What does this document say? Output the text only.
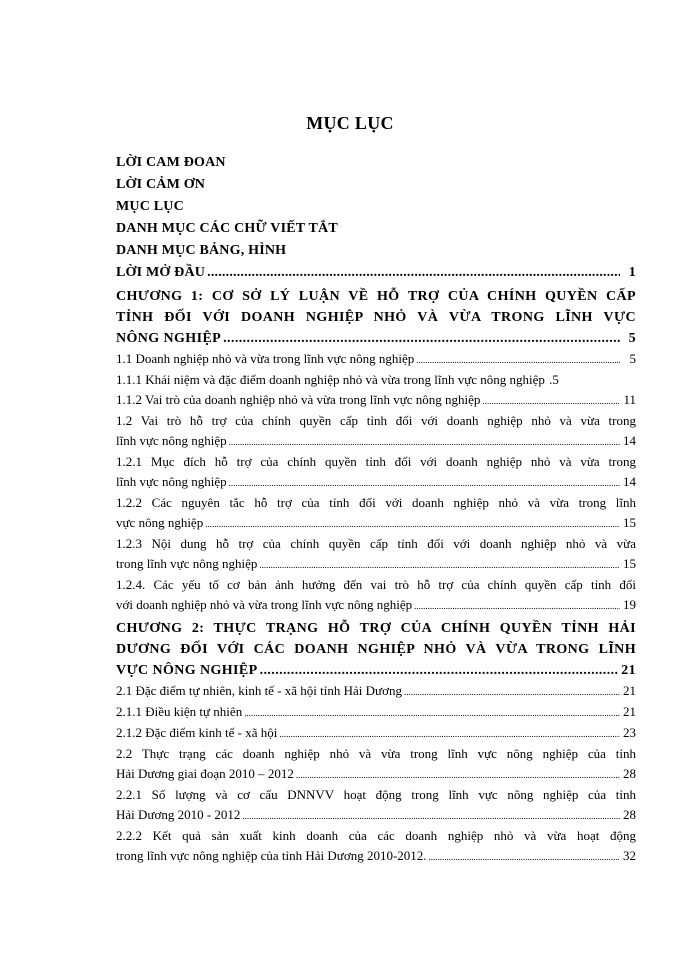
MỤC LỤC
LỜI CAM ĐOAN
LỜI CẢM ƠN
MỤC LỤC
DANH MỤC CÁC CHỮ VIẾT TẮT
DANH MỤC BẢNG, HÌNH
LỜI MỞ ĐẦU .....	1
CHƯƠNG 1: CƠ SỞ LÝ LUẬN VỀ HỖ TRỢ CỦA CHÍNH QUYỀN CẤP
TỈNH ĐỐI VỚI DOANH NGHIỆP NHỎ VÀ VỪA TRONG LĨNH VỰC
NÔNG NGHIỆP .....	5
1.1 Doanh nghiệp nhỏ và vừa trong lĩnh vực nông nghiệp .....	5
1.1.1 Khái niệm và đặc điểm doanh nghiệp nhỏ và vừa trong lĩnh vực nông nghiệp .5
1.1.2 Vai trò của doanh nghiệp nhỏ và vừa trong lĩnh vực nông nghiệp .....	11
1.2 Vai trò hỗ trợ của chính quyền cấp tỉnh đối với doanh nghiệp nhỏ và vừa trong
lĩnh vực nông nghiệp .....	14
1.2.1 Mục đích hỗ trợ của chính quyền tỉnh đối với doanh nghiệp nhỏ và vừa trong
lĩnh vực nông nghiệp .....	14
1.2.2 Các nguyên tắc hỗ trợ của tỉnh đối với doanh nghiệp nhỏ và vừa trong lĩnh
vực nông nghiệp .....	15
1.2.3 Nội dung hỗ trợ của chính quyền cấp tỉnh đối với doanh nghiệp nhỏ và vừa
trong lĩnh vực nông nghiệp .....	15
1.2.4. Các yếu tố cơ bản ảnh hưởng đến vai trò hỗ trợ của chính quyền cấp tỉnh đối
với doanh nghiệp nhỏ và vừa trong lĩnh vực nông nghiệp .....	19
CHƯƠNG 2: THỰC TRẠNG HỖ TRỢ CỦA CHÍNH QUYỀN TỈNH HẢI
DƯƠNG ĐỐI VỚI CÁC DOANH NGHIỆP NHỎ VÀ VỪA TRONG LĨNH
VỰC NÔNG NGHIỆP .....	21
2.1 Đặc điểm tự nhiên, kinh tế - xã hội tỉnh Hải Dương .....	21
2.1.1 Điều kiện tự nhiên .....	21
2.1.2 Đặc điểm kinh tế - xã hội .....	23
2.2 Thực trạng các doanh nghiệp nhỏ và vừa trong lĩnh vực nông nghiệp của tỉnh
Hải Dương giai đoạn 2010 – 2012 .....	28
2.2.1 Số lượng và cơ cấu DNNVV hoạt động trong lĩnh vực nông nghiệp của tỉnh
Hải Dương 2010 - 2012 .....	28
2.2.2 Kết quả sản xuất kinh doanh của các doanh nghiệp nhỏ và vừa hoạt động
trong lĩnh vực nông nghiệp của tỉnh Hải Dương 2010-2012. .....	32
